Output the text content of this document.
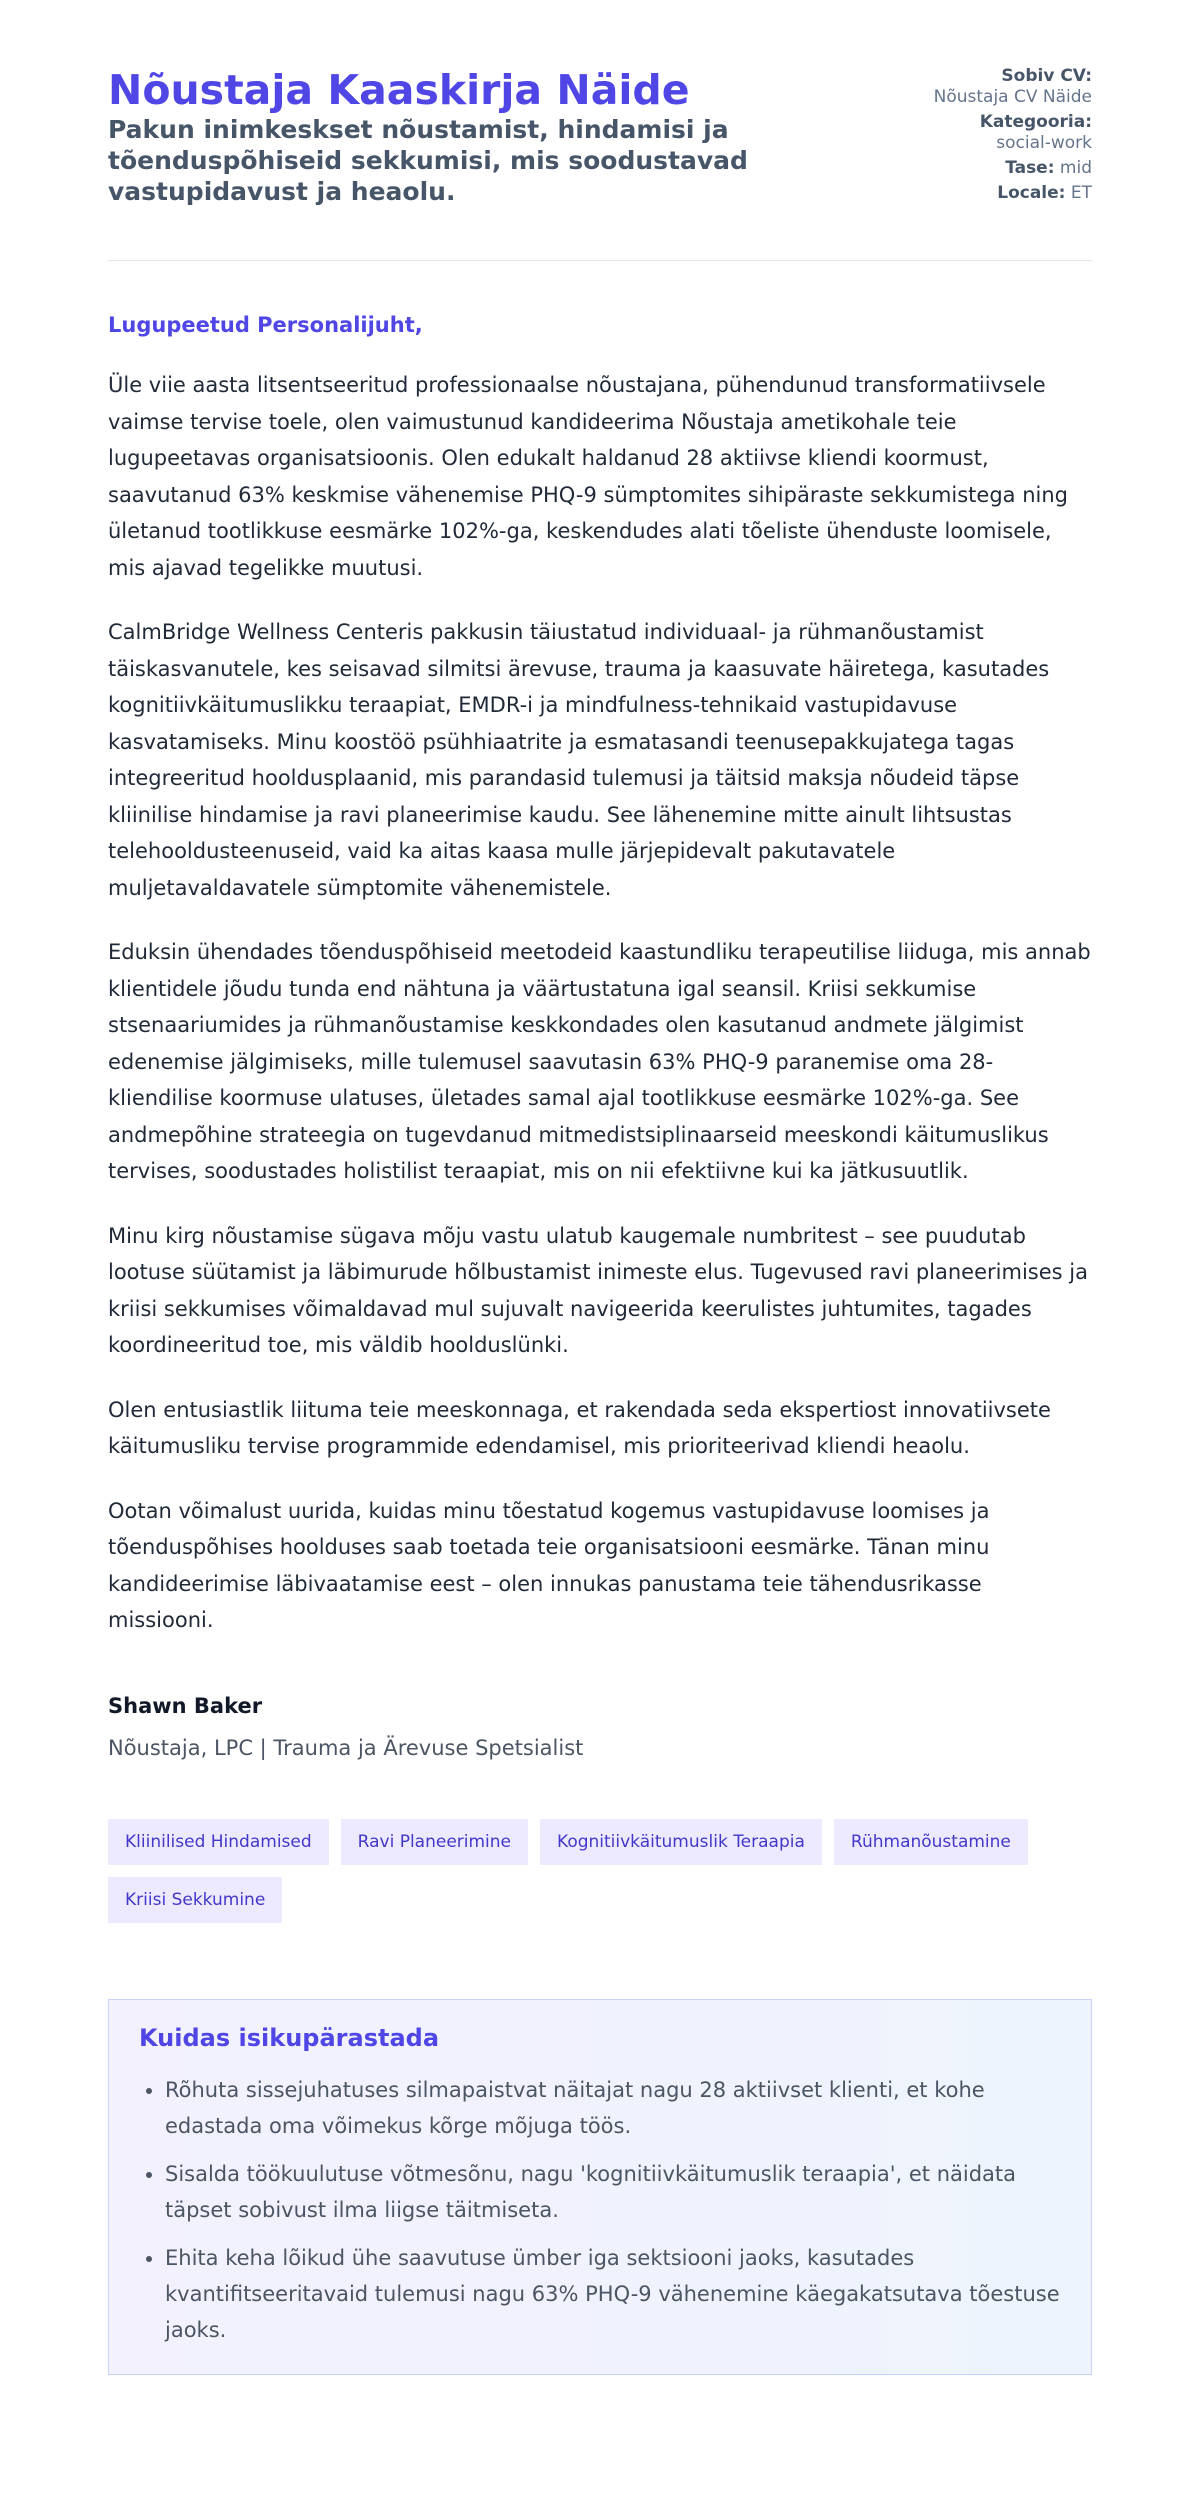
Nõustaja Kaaskirja Näide
Pakun inimkeskset nõustamist, hindamisi ja tõenduspõhiseid sekkumisi, mis soodustavad vastupidavust ja heaolu.
Sobiv CV:
Nõustaja CV Näide
Kategooria:
social-work
Tase: mid
Locale: ET
Lugupeetud Personalijuht,

Üle viie aasta litsentseeritud professionaalse nõustajana, pühendunud transformatiivsele vaimse tervise toele, olen vaimustunud kandideerima Nõustaja ametikohale teie lugupeetavas organisatsioonis. Olen edukalt haldanud 28 aktiivse kliendi koormust, saavutanud 63% keskmise vähenemise PHQ-9 sümptomites sihipäraste sekkumistega ning ületanud tootlikkuse eesmärke 102%-ga, keskendudes alati tõeliste ühenduste loomisele, mis ajavad tegelikke muutusi.

CalmBridge Wellness Centeris pakkusin täiustatud individuaal- ja rühmanõustamist täiskasvanutele, kes seisavad silmitsi ärevuse, trauma ja kaasuvate häiretega, kasutades kognitiivkäitumuslikku teraapiat, EMDR-i ja mindfulness-tehnikaid vastupidavuse kasvatamiseks. Minu koostöö psühhiaatrite ja esmatasandi teenusepakkujatega tagas integreeritud hooldusplaanid, mis parandasid tulemusi ja täitsid maksja nõudeid täpse kliinilise hindamise ja ravi planeerimise kaudu. See lähenemine mitte ainult lihtsustas telehooldusteenuseid, vaid ka aitas kaasa mulle järjepidevalt pakutavatele muljetavaldavatele sümptomite vähenemistele.

Eduksin ühendades tõenduspõhiseid meetodeid kaastundliku terapeutilise liiduga, mis annab klientidele jõudu tunda end nähtuna ja väärtustatuna igal seansil. Kriisi sekkumise stsenaariumides ja rühmanõustamise keskkondades olen kasutanud andmete jälgimist edenemise jälgimiseks, mille tulemusel saavutasin 63% PHQ-9 paranemise oma 28-kliendilise koormuse ulatuses, ületades samal ajal tootlikkuse eesmärke 102%-ga. See andmepõhine strateegia on tugevdanud mitmedistsiplinaarseid meeskondi käitumuslikus tervises, soodustades holistilist teraapiat, mis on nii efektiivne kui ka jätkusuutlik.

Minu kirg nõustamise sügava mõju vastu ulatub kaugemale numbritest – see puudutab lootuse süütamist ja läbimurude hõlbustamist inimeste elus. Tugevused ravi planeerimises ja kriisi sekkumises võimaldavad mul sujuvalt navigeerida keerulistes juhtumites, tagades koordineeritud toe, mis väldib hoolduslünki.

Olen entusiastlik liituma teie meeskonnaga, et rakendada seda ekspertiost innovatiivsete käitumusliku tervise programmide edendamisel, mis prioriteerivad kliendi heaolu.

Ootan võimalust uurida, kuidas minu tõestatud kogemus vastupidavuse loomises ja tõenduspõhises hoolduses saab toetada teie organisatsiooni eesmärke. Tänan minu kandideerimise läbivaatamise eest – olen innukas panustama teie tähendusrikasse missiooni.

Shawn Baker
Nõustaja, LPC | Trauma ja Ärevuse Spetsialist
Kliinilised Hindamised	Ravi Planeerimine	Kognitiivkäitumuslik Teraapia	Rühmanõustamine
Kriisi Sekkumine
Kuidas isikupärastada
• Rõhuta sissejuhatuses silmapaistvat näitajat nagu 28 aktiivset klienti, et kohe edastada oma võimekus kõrge mõjuga töös.
• Sisalda töökuulutuse võtmesõnu, nagu 'kognitiivkäitumuslik teraapia', et näidata täpset sobivust ilma liigse täitmiseta.
• Ehita keha lõikud ühe saavutuse ümber iga sektsiooni jaoks, kasutades kvantifitseeritavaid tulemusi nagu 63% PHQ-9 vähenemine käegakatsutava tõestuse jaoks.
